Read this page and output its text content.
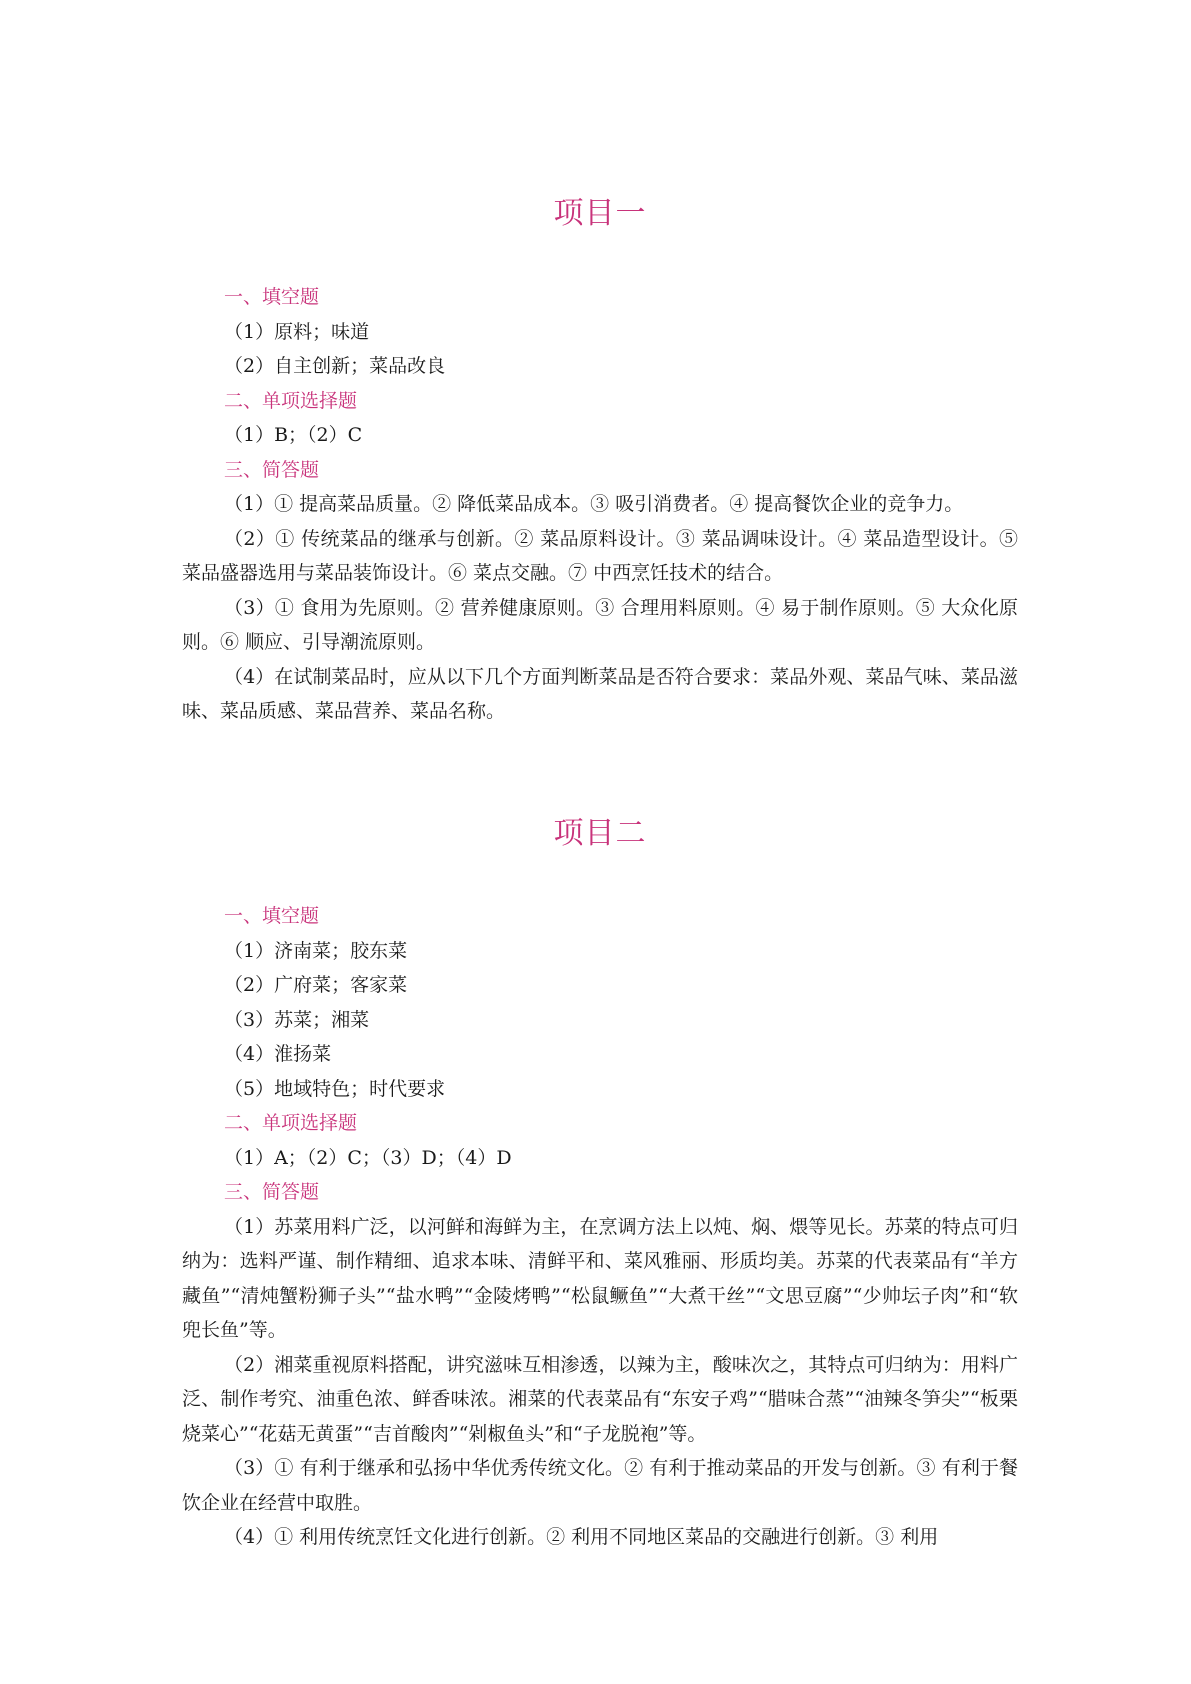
项目一
一、填空题
（1）原料；味道
（2）自主创新；菜品改良
二、单项选择题
（1）B；（2）C
三、简答题

（1）① 提高菜品质量。② 降低菜品成本。③ 吸引消费者。④ 提高餐饮企业的竞争力。

（2）① 传统菜品的继承与创新。② 菜品原料设计。③ 菜品调味设计。④ 菜品造型设计。⑤ 菜品盛器选用与菜品装饰设计。⑥ 菜点交融。⑦ 中西烹饪技术的结合。

（3）① 食用为先原则。② 营养健康原则。③ 合理用料原则。④ 易于制作原则。⑤ 大众化原则。⑥ 顺应、引导潮流原则。

（4）在试制菜品时，应从以下几个方面判断菜品是否符合要求：菜品外观、菜品气味、菜品滋味、菜品质感、菜品营养、菜品名称。

项目二
一、填空题
（1）济南菜；胶东菜
（2）广府菜；客家菜
（3）苏菜；湘菜
（4）淮扬菜
（5）地域特色；时代要求
二、单项选择题
（1）A；（2）C；（3）D；（4）D
三、简答题

（1）苏菜用料广泛，以河鲜和海鲜为主，在烹调方法上以炖、焖、煨等见长。苏菜的特点可归纳为：选料严谨、制作精细、追求本味、清鲜平和、菜风雅丽、形质均美。苏菜的代表菜品有“羊方藏鱼”“清炖蟹粉狮子头”“盐水鸭”“金陵烤鸭”“松鼠鳜鱼”“大煮干丝”“文思豆腐”“少帅坛子肉”和“软兜长鱼”等。

（2）湘菜重视原料搭配，讲究滋味互相渗透，以辣为主，酸味次之，其特点可归纳为：用料广泛、制作考究、油重色浓、鲜香味浓。湘菜的代表菜品有“东安子鸡”“腊味合蒸”“油辣冬笋尖”“板栗烧菜心”“花菇无黄蛋”“吉首酸肉”“剁椒鱼头”和“子龙脱袍”等。

（3）① 有利于继承和弘扬中华优秀传统文化。② 有利于推动菜品的开发与创新。③ 有利于餐饮企业在经营中取胜。

（4）① 利用传统烹饪文化进行创新。② 利用不同地区菜品的交融进行创新。③ 利用
